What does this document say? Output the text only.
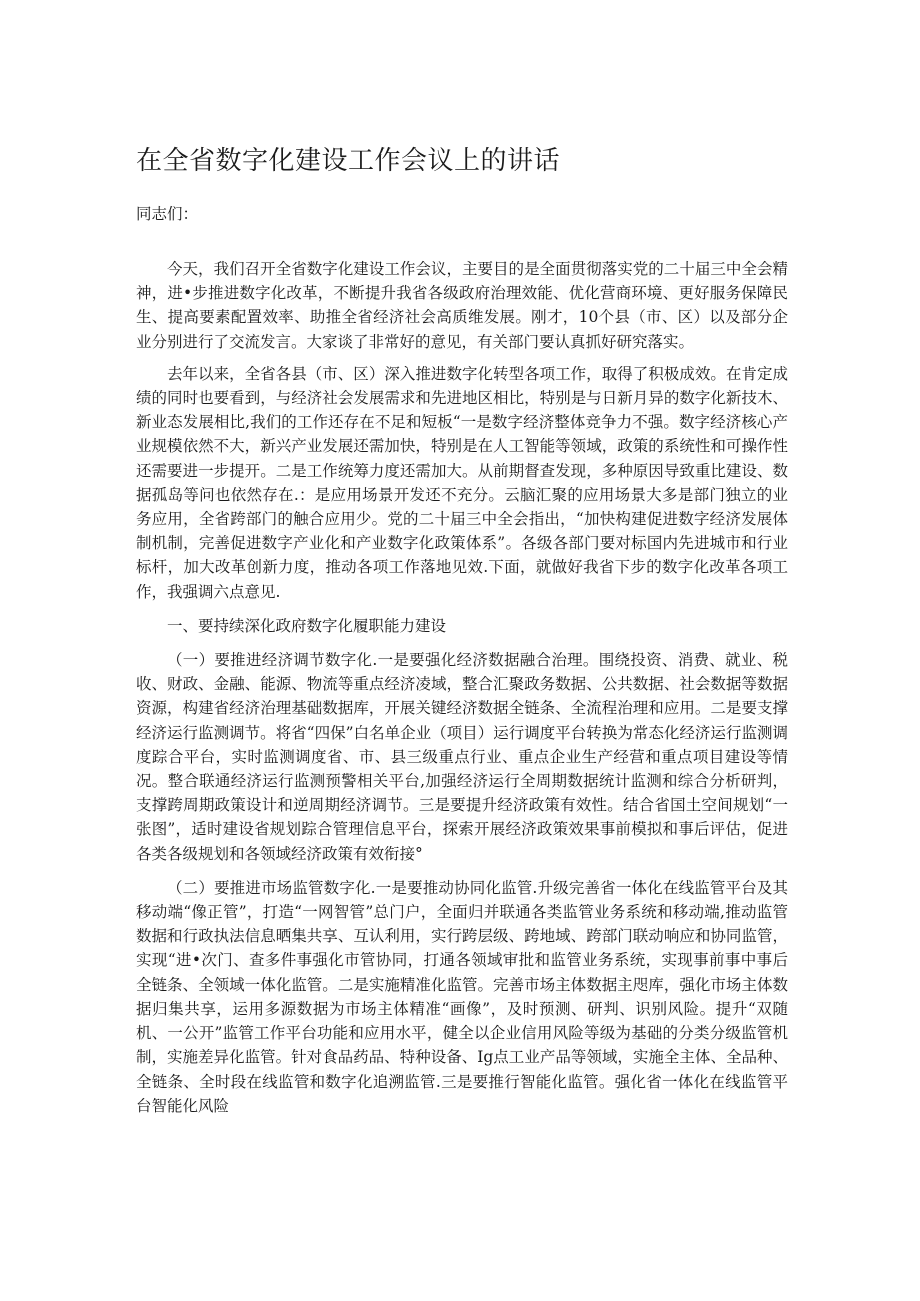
在全省数字化建设工作会议上的讲话

同志们：

今天，我们召开全省数字化建设工作会议，主要目的是全面贯彻落实党的二十届三中全会精神，进•步推进数字化改革，不断提升我省各级政府治理效能、优化营商环境、更好服务保障民生、提高要素配置效率、助推全省经济社会高质维发展。刚才，10个县（市、区）以及部分企业分别进行了交流发言。大家谈了非常好的意见，有关部门要认真抓好研究落实。

去年以来，全省各县（市、区）深入推进数字化转型各项工作，取得了积极成效。在肯定成绩的同时也要看到，与经济社会发展需求和先进地区相比，特别是与日新月异的数字化新技木、新业态发展相比,我们的工作还存在不足和短板“一是数字经济整体竞争力不强。数字经济核心产业规模依然不大，新兴产业发展还需加快，特别是在人工智能等领域，政策的系统性和可操作性还需要进一步提开。二是工作统筹力度还需加大。从前期督查发现，多种原因导致重比建设、数据孤岛等问也依然存在.：是应用场景开发还不充分。云脑汇聚的应用场景大多是部门独立的业务应用，全省跨部门的触合应用少。党的二十届三中全会指出，“加快构建促进数字经济发展体制机制，完善促进数字产业化和产业数字化政策体系”。各级各部门要对标国内先进城市和行业标杆，加大改革创新力度，推动各项工作落地见效.下面，就做好我省下步的数字化改革各项工作，我强调六点意见.

一、要持续深化政府数字化履职能力建设

（一）要推进经济调节数字化.一是要强化经济数据融合治理。围绕投资、消费、就业、税收、财政、金融、能源、物流等重点经济凌域，整合汇聚政务数据、公共数据、社会数据等数据资源，构建省经济治理基础数据库，开展关键经济数据全链条、全流程治理和应用。二是要支撑经济运行监测调节。将省“四保”白名单企业（项目）运行调度平台转换为常态化经济运行监测调度踪合平台，实时监测调度省、市、县三级重点行业、重点企业生产经营和重点项目建设等情况。整合联通经济运行监测预警相关平台,加强经济运行全周期数据统计监测和综合分析研判，支撑跨周期政策设计和逆周期经济调节。三是要提升经济政策有效性。结合省国土空间规划“一张图”，适时建设省规划踪合管理信息平台，探索开展经济政策效果事前模拟和事后评估，促进各类各级规划和各领域经济政策有效衔接°

（二）要推进市场监管数字化.一是要推动协同化监管.升级完善省一体化在线监管平台及其移动端“像正管”，打造“一网智管”总门户，全面归并联通各类监管业务系统和移动端,推动监管数据和行政执法信息晒集共享、互认利用，实行跨层级、跨地域、跨部门联动响应和协同监管，实现“进•次门、查多件事强化市管协同，打通各领域审批和监管业务系统，实现事前事中事后全链条、全领域一体化监管。二是实施精准化监管。完善市场主体数据主咫库，强化市场主体数据归集共享，运用多源数据为市场主体精准“画像”，及时预测、研判、识别风险。提升“双随机、一公开”监管工作平台功能和应用水平，健全以企业信用风险等级为基础的分类分级监管机制，实施差异化监管。针对食品药品、特种设备、Ig点工业产品等领域，实施全主体、全品种、全链条、全时段在线监管和数字化追溯监管.三是要推行智能化监管。强化省一体化在线监管平台智能化风险
